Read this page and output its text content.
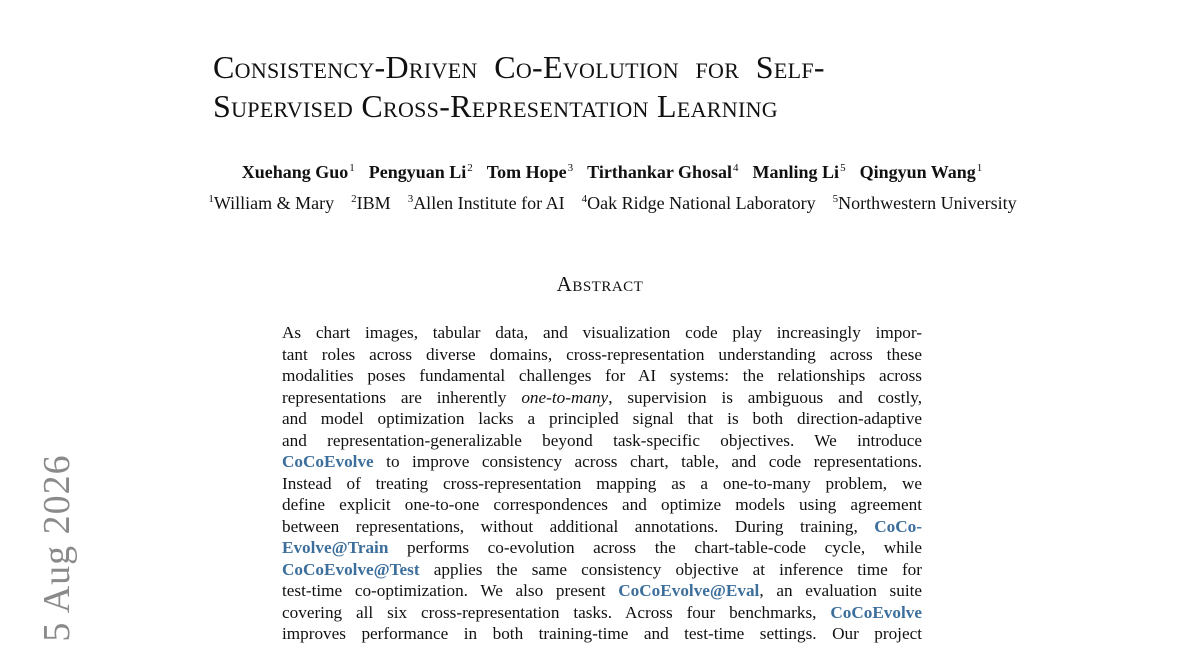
Consistency-Driven  Co-Evolution  for  Self-
Supervised Cross-Representation Learning
Xuehang Guo$^1$ Pengyuan Li$^2$ Tom Hope$^3$ Tirthankar Ghosal$^4$ Manling Li$^5$ Qingyun Wang$^1$
$^1$William & Mary $^2$IBM $^3$Allen Institute for AI $^4$Oak Ridge National Laboratory $^5$Northwestern University
Abstract
As chart images, tabular data, and visualization code play increasingly impor-
tant roles across diverse domains, cross-representation understanding across these
modalities poses fundamental challenges for AI systems: the relationships across
representations are inherently one-to-many, supervision is ambiguous and costly,
and model optimization lacks a principled signal that is both direction-adaptive
and representation-generalizable beyond task-specific objectives. We introduce
CoCoEvolve to improve consistency across chart, table, and code representations.
Instead of treating cross-representation mapping as a one-to-many problem, we
define explicit one-to-one correspondences and optimize models using agreement
between representations, without additional annotations. During training, CoCo-
Evolve@Train performs co-evolution across the chart-table-code cycle, while
CoCoEvolve@Test applies the same consistency objective at inference time for
test-time co-optimization. We also present CoCoEvolve@Eval, an evaluation suite
covering all six cross-representation tasks. Across four benchmarks, CoCoEvolve
improves performance in both training-time and test-time settings. Our project
5 Aug 2026
